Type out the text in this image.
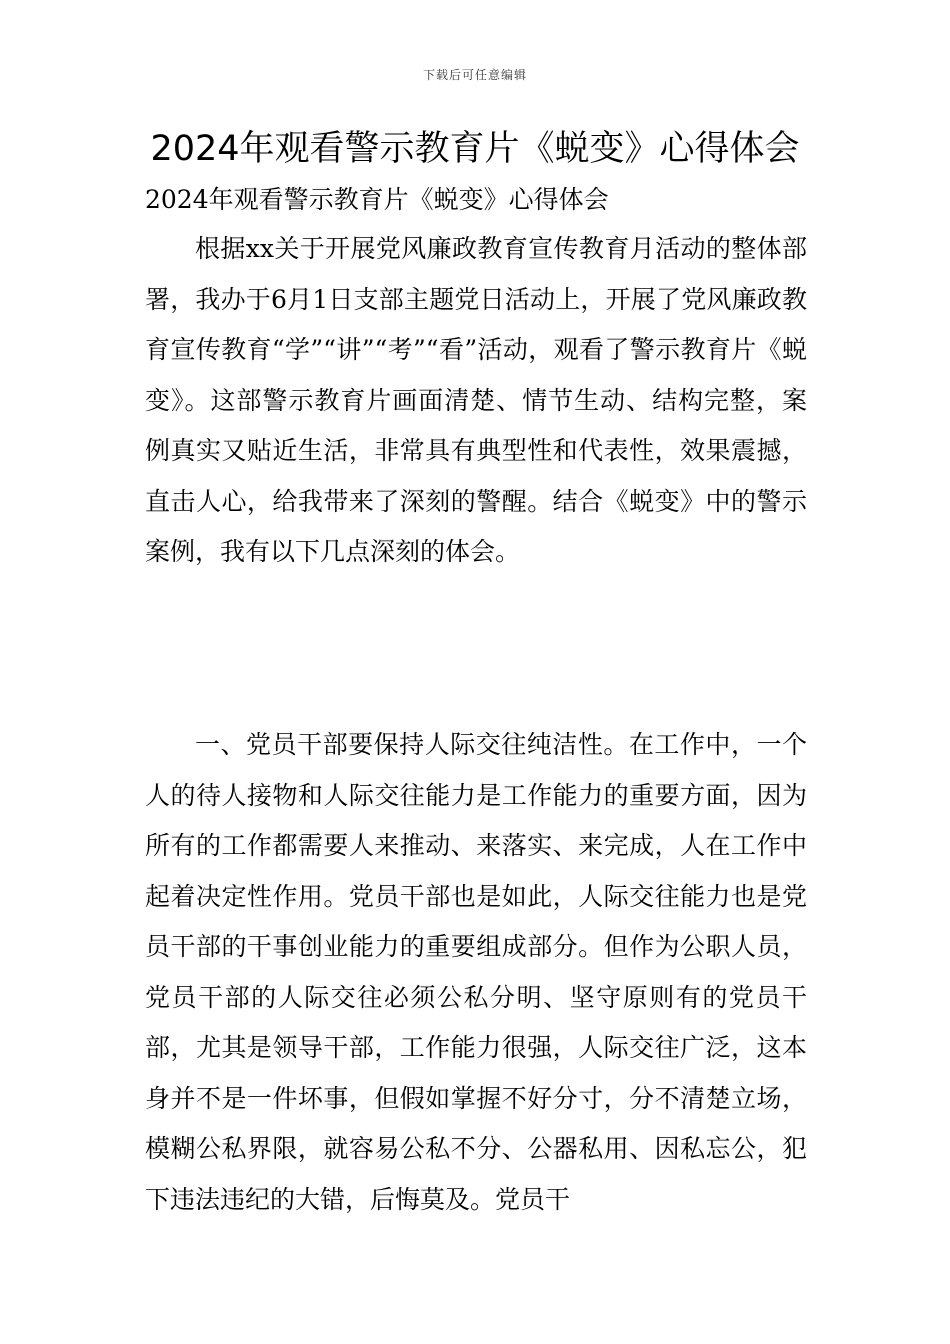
下载后可任意编辑
2024年观看警示教育片《蜕变》心得体会
2024年观看警示教育片《蜕变》心得体会

根据xx关于开展党风廉政教育宣传教育月活动的整体部署，我办于6月1日支部主题党日活动上，开展了党风廉政教育宣传教育“学”“讲”“考”“看”活动，观看了警示教育片《蜕变》。这部警示教育片画面清楚、情节生动、结构完整，案例真实又贴近生活，非常具有典型性和代表性，效果震撼，直击人心，给我带来了深刻的警醒。结合《蜕变》中的警示案例，我有以下几点深刻的体会。

一、党员干部要保持人际交往纯洁性。在工作中，一个人的待人接物和人际交往能力是工作能力的重要方面，因为所有的工作都需要人来推动、来落实、来完成，人在工作中起着决定性作用。党员干部也是如此，人际交往能力也是党员干部的干事创业能力的重要组成部分。但作为公职人员，党员干部的人际交往必须公私分明、坚守原则有的党员干部，尤其是领导干部，工作能力很强，人际交往广泛，这本身并不是一件坏事，但假如掌握不好分寸，分不清楚立场，模糊公私界限，就容易公私不分、公器私用、因私忘公，犯下违法违纪的大错，后悔莫及。党员干
